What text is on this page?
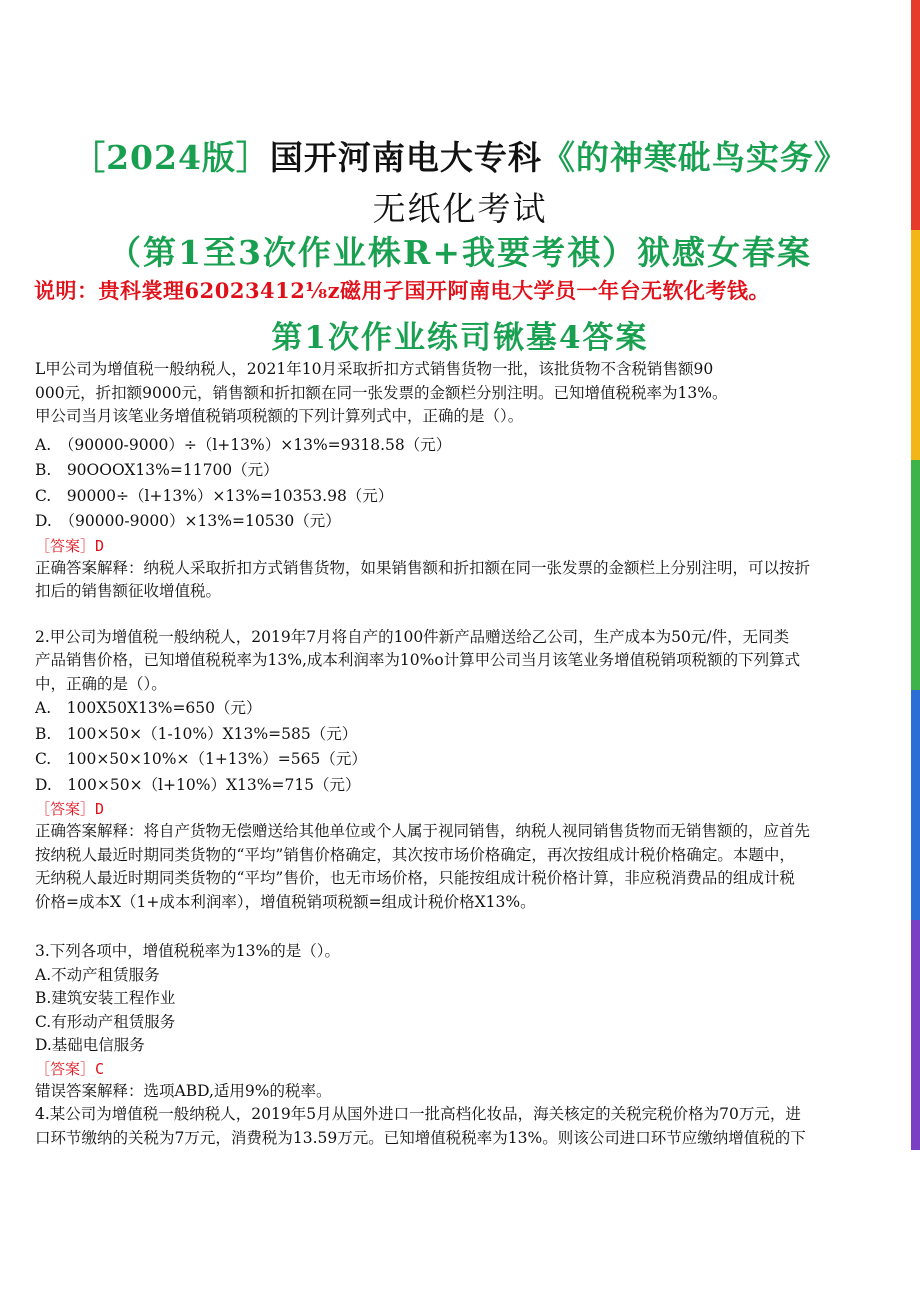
［2024版］国开河南电大专科《的神寒砒鸟实务》
无纸化考试
（第1至3次作业株R+我要考祺）狱感女春案
说明：贵科裳理62023412⅛z磁用孑国开阿南电大学员一年台无软化考钱。
第1次作业练司锹墓4答案

L甲公司为增值税一般纳税人，2021年10月采取折扣方式销售货物一批，该批货物不含税销售额90

000元，折扣额9000元，销售额和折扣额在同一张发票的金额栏分别注明。已知增值税税率为13%。

甲公司当月该笔业务增值税销项税额的下列计算列式中，正确的是（）。

A.　（90000-9000）÷（l+13%）×13%=9318.58（元）

B.　90OOOX13%=11700（元）

C.　90000÷（l+13%）×13%=10353.98（元）

D.　（90000-9000）×13%=10530（元）

［答案］D

正确答案解释：纳税人采取折扣方式销售货物，如果销售额和折扣额在同一张发票的金额栏上分别注明，可以按折

扣后的销售额征收增值税。

2.甲公司为增值税一般纳税人，2019年7月将自产的100件新产品赠送给乙公司，生产成本为50元/件，无同类

产品销售价格，已知增值税税率为13%,成本利润率为10%o计算甲公司当月该笔业务增值税销项税额的下列算式

中，正确的是（）。

A.　100X50X13%=650（元）

B.　100×50×（1-10%）X13%=585（元）

C.　100×50×10%×（1+13%）=565（元）

D.　100×50×（l+10%）X13%=715（元）

［答案］D

正确答案解释：将自产货物无偿赠送给其他单位或个人属于视同销售，纳税人视同销售货物而无销售额的，应首先

按纳税人最近时期同类货物的“平均”销售价格确定，其次按市场价格确定，再次按组成计税价格确定。本题中，

无纳税人最近时期同类货物的“平均”售价，也无市场价格，只能按组成计税价格计算，非应税消费品的组成计税

价格=成本X（1+成本利润率），增值税销项税额=组成计税价格X13%。

3.下列各项中，增值税税率为13%的是（）。

A.不动产租赁服务

B.建筑安装工程作业

C.有形动产租赁服务

D.基础电信服务

［答案］C

错误答案解释：选项ABD,适用9%的税率。

4.某公司为增值税一般纳税人，2019年5月从国外进口一批高档化妆品，海关核定的关税完税价格为70万元，进

口环节缴纳的关税为7万元，消费税为13.59万元。已知增值税税率为13%。则该公司进口环节应缴纳增值税的下
